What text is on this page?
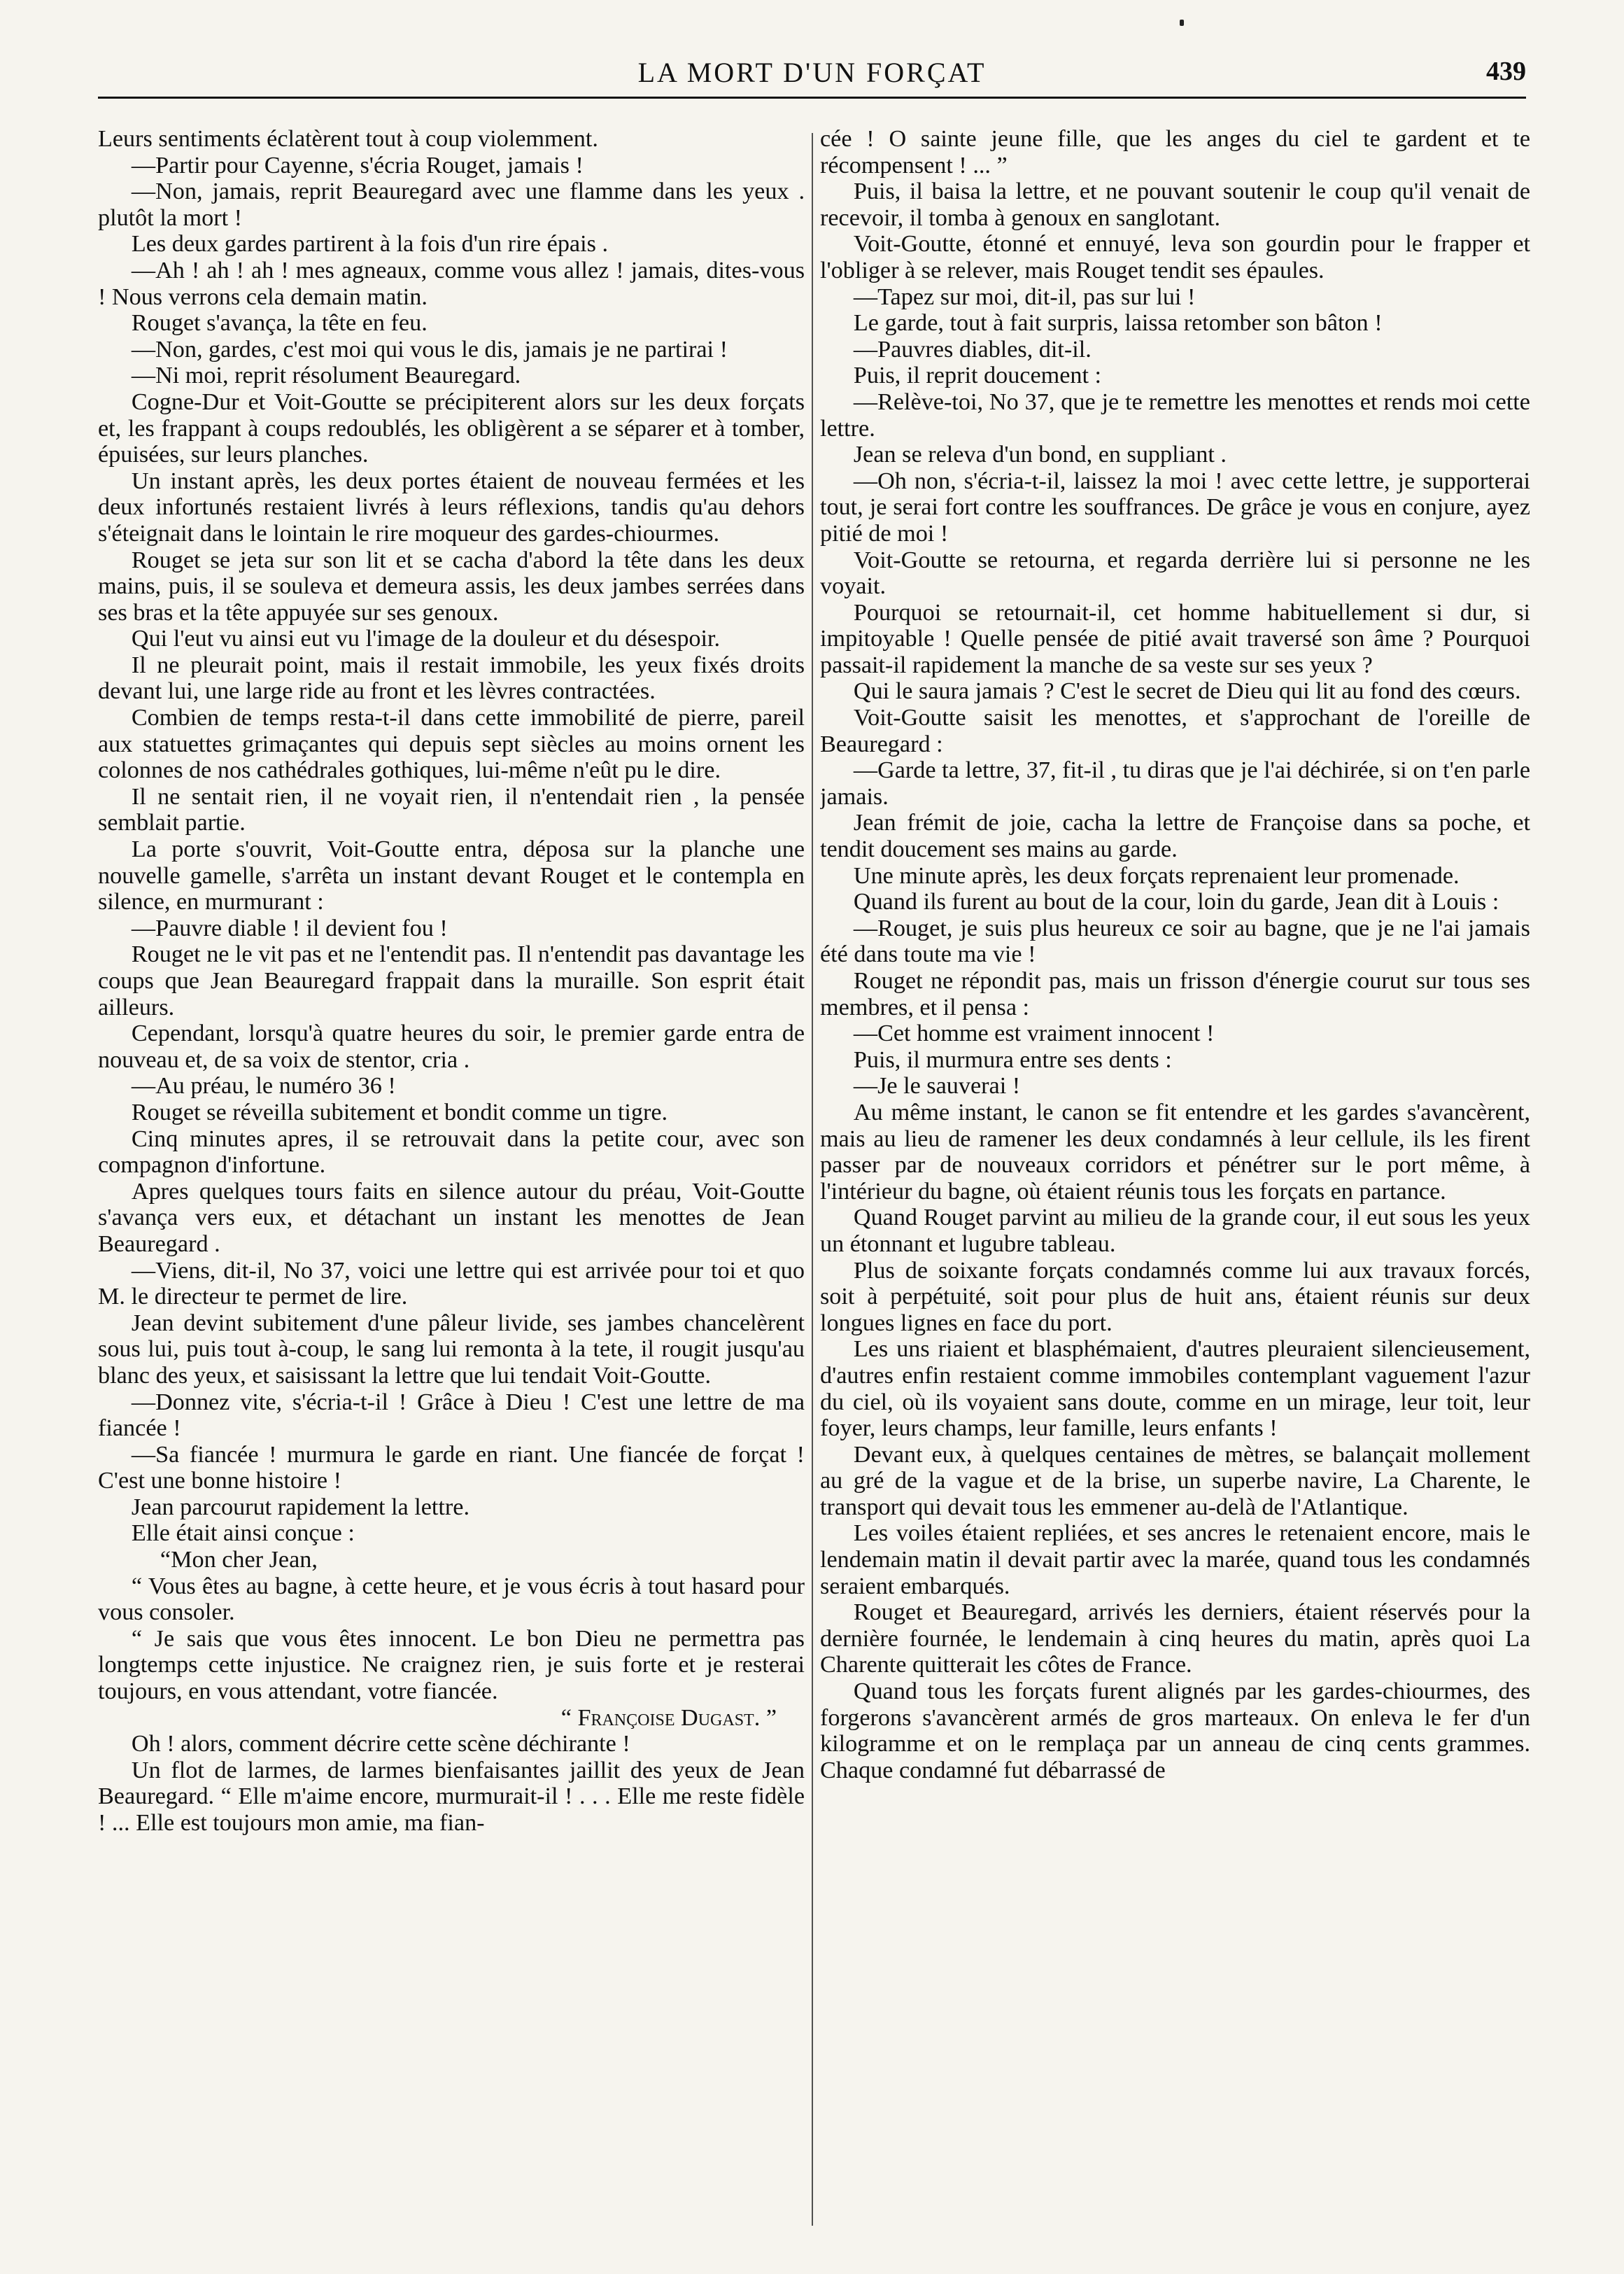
LA MORT D'UN FORÇAT	439

Leurs sentiments éclatèrent tout à coup violemment.

—Partir pour Cayenne, s'écria Rouget, jamais !

—Non, jamais, reprit Beauregard avec une flamme dans les yeux . plutôt la mort !

Les deux gardes partirent à la fois d'un rire épais .

—Ah ! ah ! ah ! mes agneaux, comme vous allez ! jamais, dites-vous ! Nous verrons cela demain matin.

Rouget s'avança, la tête en feu.

—Non, gardes, c'est moi qui vous le dis, jamais je ne partirai !

—Ni moi, reprit résolument Beauregard.

Cogne-Dur et Voit-Goutte se précipiterent alors sur les deux forçats et, les frappant à coups redoublés, les obligèrent a se séparer et à tomber, épuisées, sur leurs planches.

Un instant après, les deux portes étaient de nouveau fermées et les deux infortunés restaient livrés à leurs réflexions, tandis qu'au dehors s'éteignait dans le lointain le rire moqueur des gardes-chiourmes.

Rouget se jeta sur son lit et se cacha d'abord la tête dans les deux mains, puis, il se souleva et demeura assis, les deux jambes serrées dans ses bras et la tête appuyée sur ses genoux.

Qui l'eut vu ainsi eut vu l'image de la douleur et du désespoir.

Il ne pleurait point, mais il restait immobile, les yeux fixés droits devant lui, une large ride au front et les lèvres contractées.

Combien de temps resta-t-il dans cette immobilité de pierre, pareil aux statuettes grimaçantes qui depuis sept siècles au moins ornent les colonnes de nos cathédrales gothiques, lui-même n'eût pu le dire.

Il ne sentait rien, il ne voyait rien, il n'entendait rien , la pensée semblait partie.

La porte s'ouvrit, Voit-Goutte entra, déposa sur la planche une nouvelle gamelle, s'arrêta un instant devant Rouget et le contempla en silence, en murmurant :

—Pauvre diable ! il devient fou !

Rouget ne le vit pas et ne l'entendit pas. Il n'entendit pas davantage les coups que Jean Beauregard frappait dans la muraille. Son esprit était ailleurs.

Cependant, lorsqu'à quatre heures du soir, le premier garde entra de nouveau et, de sa voix de stentor, cria .

—Au préau, le numéro 36 !

Rouget se réveilla subitement et bondit comme un tigre.

Cinq minutes apres, il se retrouvait dans la petite cour, avec son compagnon d'infortune.

Apres quelques tours faits en silence autour du préau, Voit-Goutte s'avança vers eux, et détachant un instant les menottes de Jean Beauregard .

—Viens, dit-il, No 37, voici une lettre qui est arrivée pour toi et quo M. le directeur te permet de lire.

Jean devint subitement d'une pâleur livide, ses jambes chancelèrent sous lui, puis tout à-coup, le sang lui remonta à la tete, il rougit jusqu'au blanc des yeux, et saisissant la lettre que lui tendait Voit-Goutte.

—Donnez vite, s'écria-t-il ! Grâce à Dieu ! C'est une lettre de ma fiancée !

—Sa fiancée ! murmura le garde en riant. Une fiancée de forçat ! C'est une bonne histoire !

Jean parcourut rapidement la lettre.

Elle était ainsi conçue :

“Mon cher Jean,

“ Vous êtes au bagne, à cette heure, et je vous écris à tout hasard pour vous consoler.

“ Je sais que vous êtes innocent. Le bon Dieu ne permettra pas longtemps cette injustice. Ne craignez rien, je suis forte et je resterai toujours, en vous attendant, votre fiancée.

“ Françoise Dugast. ”

Oh ! alors, comment décrire cette scène déchirante !

Un flot de larmes, de larmes bienfaisantes jaillit des yeux de Jean Beauregard. “ Elle m'aime encore, murmurait-il ! . . . Elle me reste fidèle ! ... Elle est toujours mon amie, ma fian-

cée ! O sainte jeune fille, que les anges du ciel te gardent et te récompensent ! ... ”

Puis, il baisa la lettre, et ne pouvant soutenir le coup qu'il venait de recevoir, il tomba à genoux en sanglotant.

Voit-Goutte, étonné et ennuyé, leva son gourdin pour le frapper et l'obliger à se relever, mais Rouget tendit ses épaules.

—Tapez sur moi, dit-il, pas sur lui !

Le garde, tout à fait surpris, laissa retomber son bâton !

—Pauvres diables, dit-il.

Puis, il reprit doucement :

—Relève-toi, No 37, que je te remettre les menottes et rends moi cette lettre.

Jean se releva d'un bond, en suppliant .

—Oh non, s'écria-t-il, laissez la moi ! avec cette lettre, je supporterai tout, je serai fort contre les souffrances. De grâce je vous en conjure, ayez pitié de moi !

Voit-Goutte se retourna, et regarda derrière lui si personne ne les voyait.

Pourquoi se retournait-il, cet homme habituellement si dur, si impitoyable ! Quelle pensée de pitié avait traversé son âme ? Pourquoi passait-il rapidement la manche de sa veste sur ses yeux ?

Qui le saura jamais ? C'est le secret de Dieu qui lit au fond des cœurs.

Voit-Goutte saisit les menottes, et s'approchant de l'oreille de Beauregard :

—Garde ta lettre, 37, fit-il , tu diras que je l'ai déchirée, si on t'en parle jamais.

Jean frémit de joie, cacha la lettre de Françoise dans sa poche, et tendit doucement ses mains au garde.

Une minute après, les deux forçats reprenaient leur promenade.

Quand ils furent au bout de la cour, loin du garde, Jean dit à Louis :

—Rouget, je suis plus heureux ce soir au bagne, que je ne l'ai jamais été dans toute ma vie !

Rouget ne répondit pas, mais un frisson d'énergie courut sur tous ses membres, et il pensa :

—Cet homme est vraiment innocent !

Puis, il murmura entre ses dents :

—Je le sauverai !

Au même instant, le canon se fit entendre et les gardes s'avancèrent, mais au lieu de ramener les deux condamnés à leur cellule, ils les firent passer par de nouveaux corridors et pénétrer sur le port même, à l'intérieur du bagne, où étaient réunis tous les forçats en partance.

Quand Rouget parvint au milieu de la grande cour, il eut sous les yeux un étonnant et lugubre tableau.

Plus de soixante forçats condamnés comme lui aux travaux forcés, soit à perpétuité, soit pour plus de huit ans, étaient réunis sur deux longues lignes en face du port.

Les uns riaient et blasphémaient, d'autres pleuraient silencieusement, d'autres enfin restaient comme immobiles contemplant vaguement l'azur du ciel, où ils voyaient sans doute, comme en un mirage, leur toit, leur foyer, leurs champs, leur famille, leurs enfants !

Devant eux, à quelques centaines de mètres, se balançait mollement au gré de la vague et de la brise, un superbe navire, La Charente, le transport qui devait tous les emmener au-delà de l'Atlantique.

Les voiles étaient repliées, et ses ancres le retenaient encore, mais le lendemain matin il devait partir avec la marée, quand tous les condamnés seraient embarqués.

Rouget et Beauregard, arrivés les derniers, étaient réservés pour la dernière fournée, le lendemain à cinq heures du matin, après quoi La Charente quitterait les côtes de France.

Quand tous les forçats furent alignés par les gardes-chiourmes, des forgerons s'avancèrent armés de gros marteaux. On enleva le fer d'un kilogramme et on le remplaça par un anneau de cinq cents grammes. Chaque condamné fut débarrassé de
